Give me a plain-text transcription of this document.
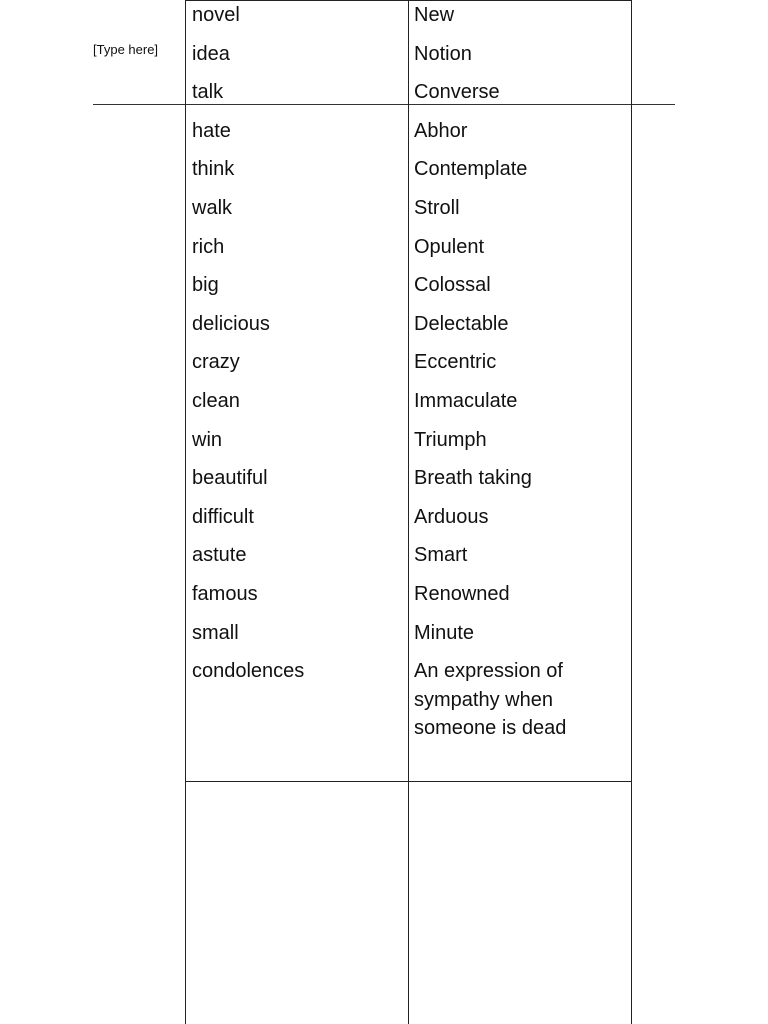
[Type here]
novel	New
idea	Notion
talk	Converse
hate	Abhor
think	Contemplate
walk	Stroll
rich	Opulent
big	Colossal
delicious	Delectable
crazy	Eccentric
clean	Immaculate
win	Triumph
beautiful	Breath taking
difficult	Arduous
astute	Smart
famous	Renowned
small	Minute
condolences	An expression of sympathy when someone is dead
